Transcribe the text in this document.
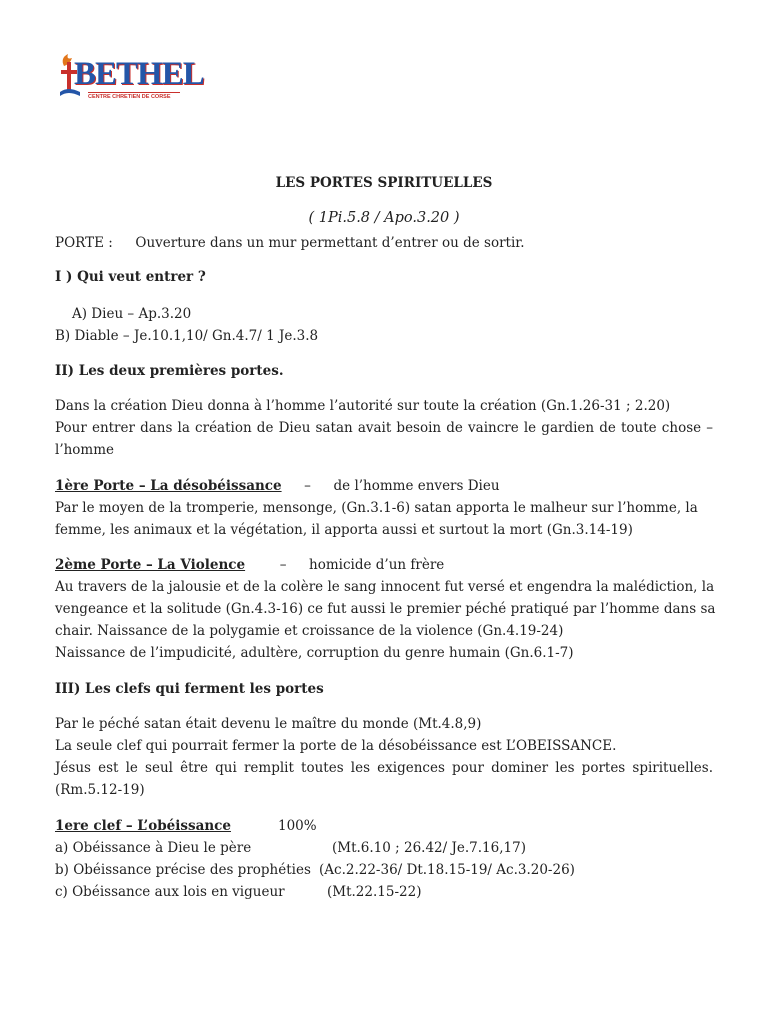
BETHEL
CENTRE CHRETIEN DE CORSE
LES PORTES SPIRITUELLES
( 1Pi.5.8 / Apo.3.20 )
PORTE : Ouverture dans un mur permettant d’entrer ou de sortir.
I ) Qui veut entrer ?
A) Dieu – Ap.3.20
B) Diable – Je.10.1,10/ Gn.4.7/ 1 Je.3.8
II) Les deux premières portes.
Dans la création Dieu donna à l’homme l’autorité sur toute la création (Gn.1.26-31 ; 2.20)
Pour entrer dans la création de Dieu satan avait besoin de vaincre le gardien de toute chose –
l’homme
1ère Porte – La désobéissance – de l’homme envers Dieu
Par le moyen de la tromperie, mensonge, (Gn.3.1-6) satan apporta le malheur sur l’homme, la
femme, les animaux et la végétation, il apporta aussi et surtout la mort (Gn.3.14-19)
2ème Porte – La Violence	– homicide d’un frère
Au travers de la jalousie et de la colère le sang innocent fut versé et engendra la malédiction, la
vengeance et la solitude (Gn.4.3-16) ce fut aussi le premier péché pratiqué par l’homme dans sa
chair. Naissance de la polygamie et croissance de la violence (Gn.4.19-24)
Naissance de l’impudicité, adultère, corruption du genre humain (Gn.6.1-7)
III) Les clefs qui ferment les portes
Par le péché satan était devenu le maître du monde (Mt.4.8,9)
La seule clef qui pourrait fermer la porte de la désobéissance est L’OBEISSANCE.
Jésus est le seul être qui remplit toutes les exigences pour dominer les portes spirituelles.
(Rm.5.12-19)
1ere clef – L’obéissance	100%
a) Obéissance à Dieu le père	(Mt.6.10 ; 26.42/ Je.7.16,17)
b) Obéissance précise des prophéties (Ac.2.22-36/ Dt.18.15-19/ Ac.3.20-26)
c) Obéissance aux lois en vigueur	(Mt.22.15-22)
